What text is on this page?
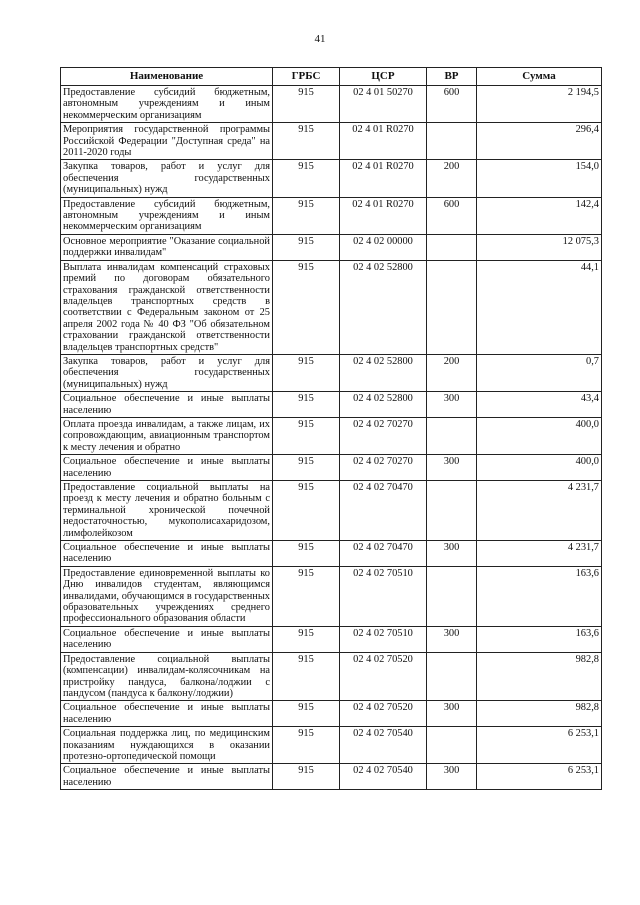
41
Наименование	ГРБС	ЦСР	ВР	Сумма
Предоставление субсидий бюджетным, автономным учреждениям и иным некоммерческим организациям	915	02 4 01 50270	600	2 194,5
Мероприятия государственной программы Российской Федерации "Доступная среда" на 2011-2020 годы	915	02 4 01 R0270		296,4
Закупка товаров, работ и услуг для обеспечения государственных (муниципальных) нужд	915	02 4 01 R0270	200	154,0
Предоставление субсидий бюджетным, автономным учреждениям и иным некоммерческим организациям	915	02 4 01 R0270	600	142,4
Основное мероприятие "Оказание социальной поддержки инвалидам"	915	02 4 02 00000		12 075,3
Выплата инвалидам компенсаций страховых премий по договорам обязательного страхования гражданской ответственности владельцев транспортных средств в соответствии с Федеральным законом от 25 апреля 2002 года № 40 ФЗ "Об обязательном страховании гражданской ответственности владельцев транспортных средств"	915	02 4 02 52800		44,1
Закупка товаров, работ и услуг для обеспечения государственных (муниципальных) нужд	915	02 4 02 52800	200	0,7
Социальное обеспечение и иные выплаты населению	915	02 4 02 52800	300	43,4
Оплата проезда инвалидам, а также лицам, их сопровождающим, авиационным транспортом к месту лечения и обратно	915	02 4 02 70270		400,0
Социальное обеспечение и иные выплаты населению	915	02 4 02 70270	300	400,0
Предоставление социальной выплаты на проезд к месту лечения и обратно больным с терминальной хронической почечной недостаточностью, мукополисахаридозом, лимфолейкозом	915	02 4 02 70470		4 231,7
Социальное обеспечение и иные выплаты населению	915	02 4 02 70470	300	4 231,7
Предоставление единовременной выплаты ко Дню инвалидов студентам, являющимся инвалидами, обучающимся в государственных образовательных учреждениях среднего профессионального образования области	915	02 4 02 70510		163,6
Социальное обеспечение и иные выплаты населению	915	02 4 02 70510	300	163,6
Предоставление социальной выплаты (компенсации) инвалидам-колясочникам на пристройку пандуса, балкона/лоджии с пандусом (пандуса к балкону/лоджии)	915	02 4 02 70520		982,8
Социальное обеспечение и иные выплаты населению	915	02 4 02 70520	300	982,8
Социальная поддержка лиц, по медицинским показаниям нуждающихся в оказании протезно-ортопедической помощи	915	02 4 02 70540		6 253,1
Социальное обеспечение и иные выплаты населению	915	02 4 02 70540	300	6 253,1
